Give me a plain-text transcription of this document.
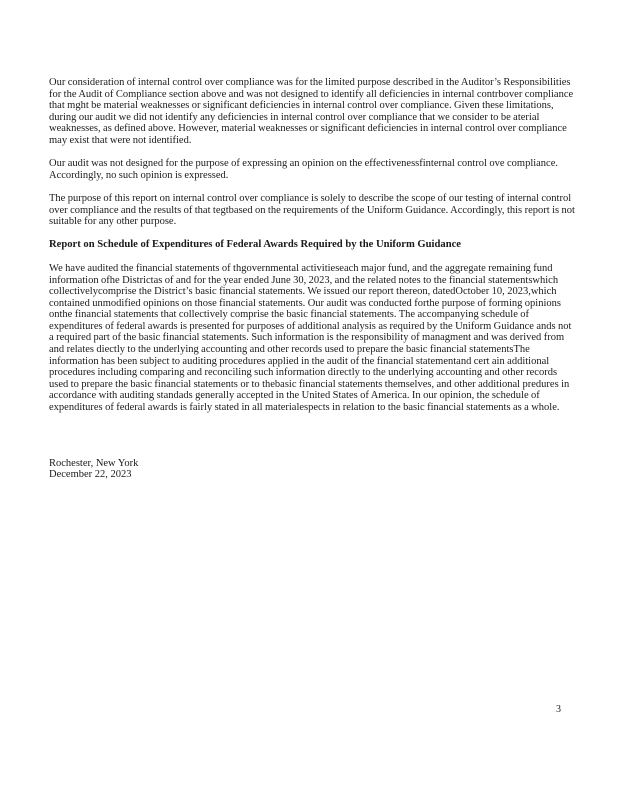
Our consideration of internal control over compliance was for the limited purpose described in the Auditor’s Responsibilities for the Audit of Compliance section above and was not designed to identify all deficiencies in internal contrbover compliance that mght be material weaknesses or significant deficiencies in internal control over compliance. Given these limitations, during our audit we did not identify any deficiencies in internal control over compliance that we consider to be aterial weaknesses, as defined above. However, material weaknesses or significant deficiencies in internal control over compliance may exist that were not identified.

Our audit was not designed for the purpose of expressing an opinion on the effectivenessfinternal control ove compliance. Accordingly, no such opinion is expressed.

The purpose of this report on internal control over compliance is solely to describe the scope of our testing of internal control over compliance and the results of that tegtbased on the requirements of the Uniform Guidance. Accordingly, this report is not suitable for any other purpose.

Report on Schedule of Expenditures of Federal Awards Required by the Uniform Guidance

We have audited the financial statements of thgovernmental activitieseach major fund, and the aggregate remaining fund information ofhe Districtas of and for the year ended June 30, 2023, and the related notes to the financial statementswhich collectivelycomprise the District’s basic financial statements. We issued our report thereon, datedOctober 10, 2023,which contained unmodified opinions on those financial statements. Our audit was conducted forthe purpose of forming opinions onthe financial statements that collectively comprise the basic financial statements. The accompanying schedule of expenditures of federal awards is presented for purposes of additional analysis as required by the Uniform Guidance ands not a required part of the basic financial statements. Such information is the responsibility of managment and was derived from and relates diectly to the underlying accounting and other records used to prepare the basic financial statementsThe information has been subject to auditing procedures applied in the audit of the financial statementand cert ain additional procedures including comparing and reconciling such information directly to the underlying accounting and other records used to prepare the basic financial statements or to thebasic financial statements themselves, and other additional predures in accordance with auditing standads generally accepted in the United States of America. In our opinion, the schedule of expenditures of federal awards is fairly stated in all materialespects in relation to the basic financial statements as a whole.

Rochester, New York
December 22, 2023
3
